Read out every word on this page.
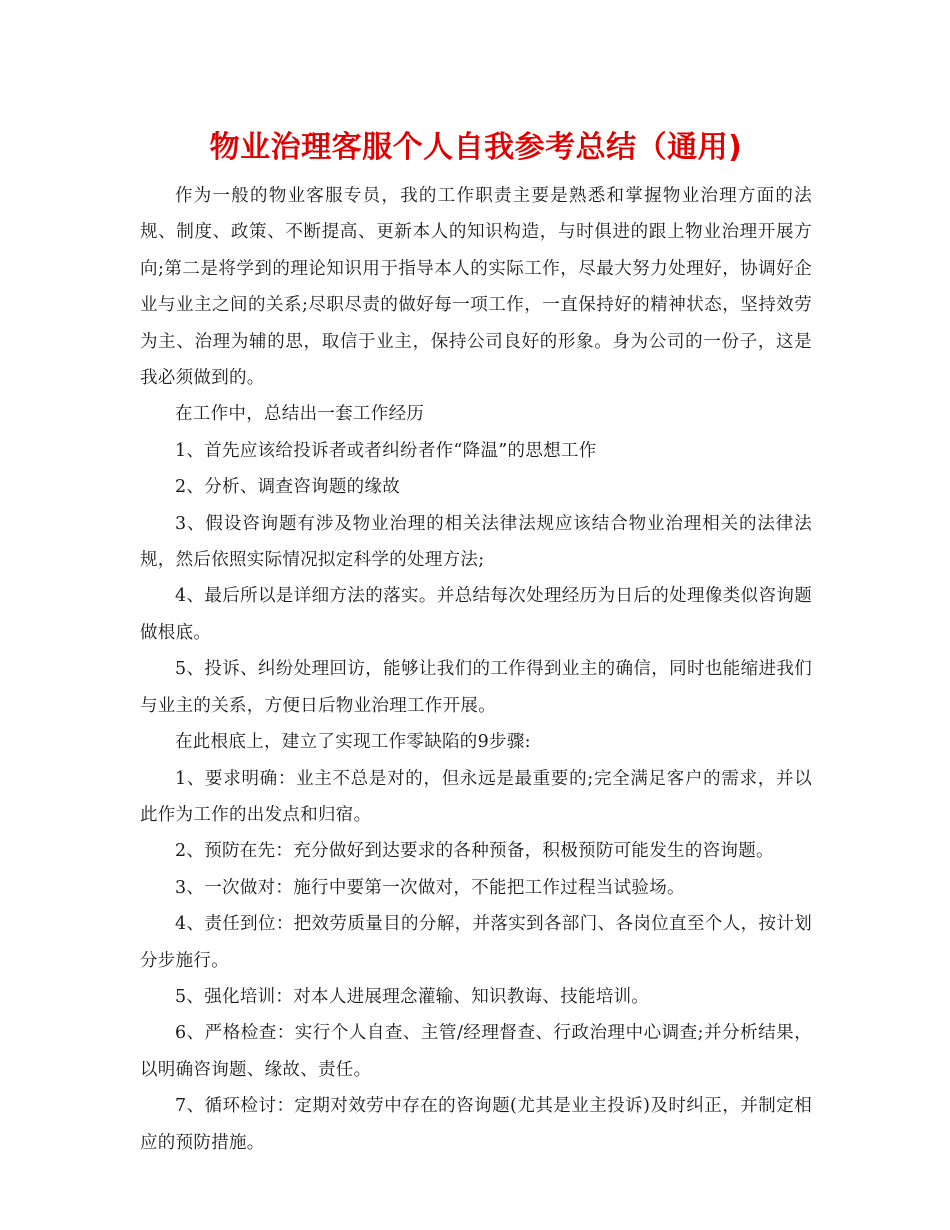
物业治理客服个人自我参考总结（通用)

作为一般的物业客服专员，我的工作职责主要是熟悉和掌握物业治理方面的法规、制度、政策、不断提高、更新本人的知识构造，与时俱进的跟上物业治理开展方向;第二是将学到的理论知识用于指导本人的实际工作，尽最大努力处理好，协调好企业与业主之间的关系;尽职尽责的做好每一项工作，一直保持好的精神状态，坚持效劳为主、治理为辅的思，取信于业主，保持公司良好的形象。身为公司的一份子，这是我必须做到的。

在工作中，总结出一套工作经历

1、首先应该给投诉者或者纠纷者作“降温”的思想工作

2、分析、调查咨询题的缘故

3、假设咨询题有涉及物业治理的相关法律法规应该结合物业治理相关的法律法规，然后依照实际情况拟定科学的处理方法;

4、最后所以是详细方法的落实。并总结每次处理经历为日后的处理像类似咨询题做根底。

5、投诉、纠纷处理回访，能够让我们的工作得到业主的确信，同时也能缩进我们与业主的关系，方便日后物业治理工作开展。

在此根底上，建立了实现工作零缺陷的9步骤:

1、要求明确：业主不总是对的，但永远是最重要的;完全满足客户的需求，并以此作为工作的出发点和归宿。

2、预防在先：充分做好到达要求的各种预备，积极预防可能发生的咨询题。

3、一次做对：施行中要第一次做对，不能把工作过程当试验场。

4、责任到位：把效劳质量目的分解，并落实到各部门、各岗位直至个人，按计划分步施行。

5、强化培训：对本人进展理念灌输、知识教诲、技能培训。

6、严格检查：实行个人自查、主管/经理督查、行政治理中心调查;并分析结果，以明确咨询题、缘故、责任。

7、循环检讨：定期对效劳中存在的咨询题(尤其是业主投诉)及时纠正，并制定相应的预防措施。
